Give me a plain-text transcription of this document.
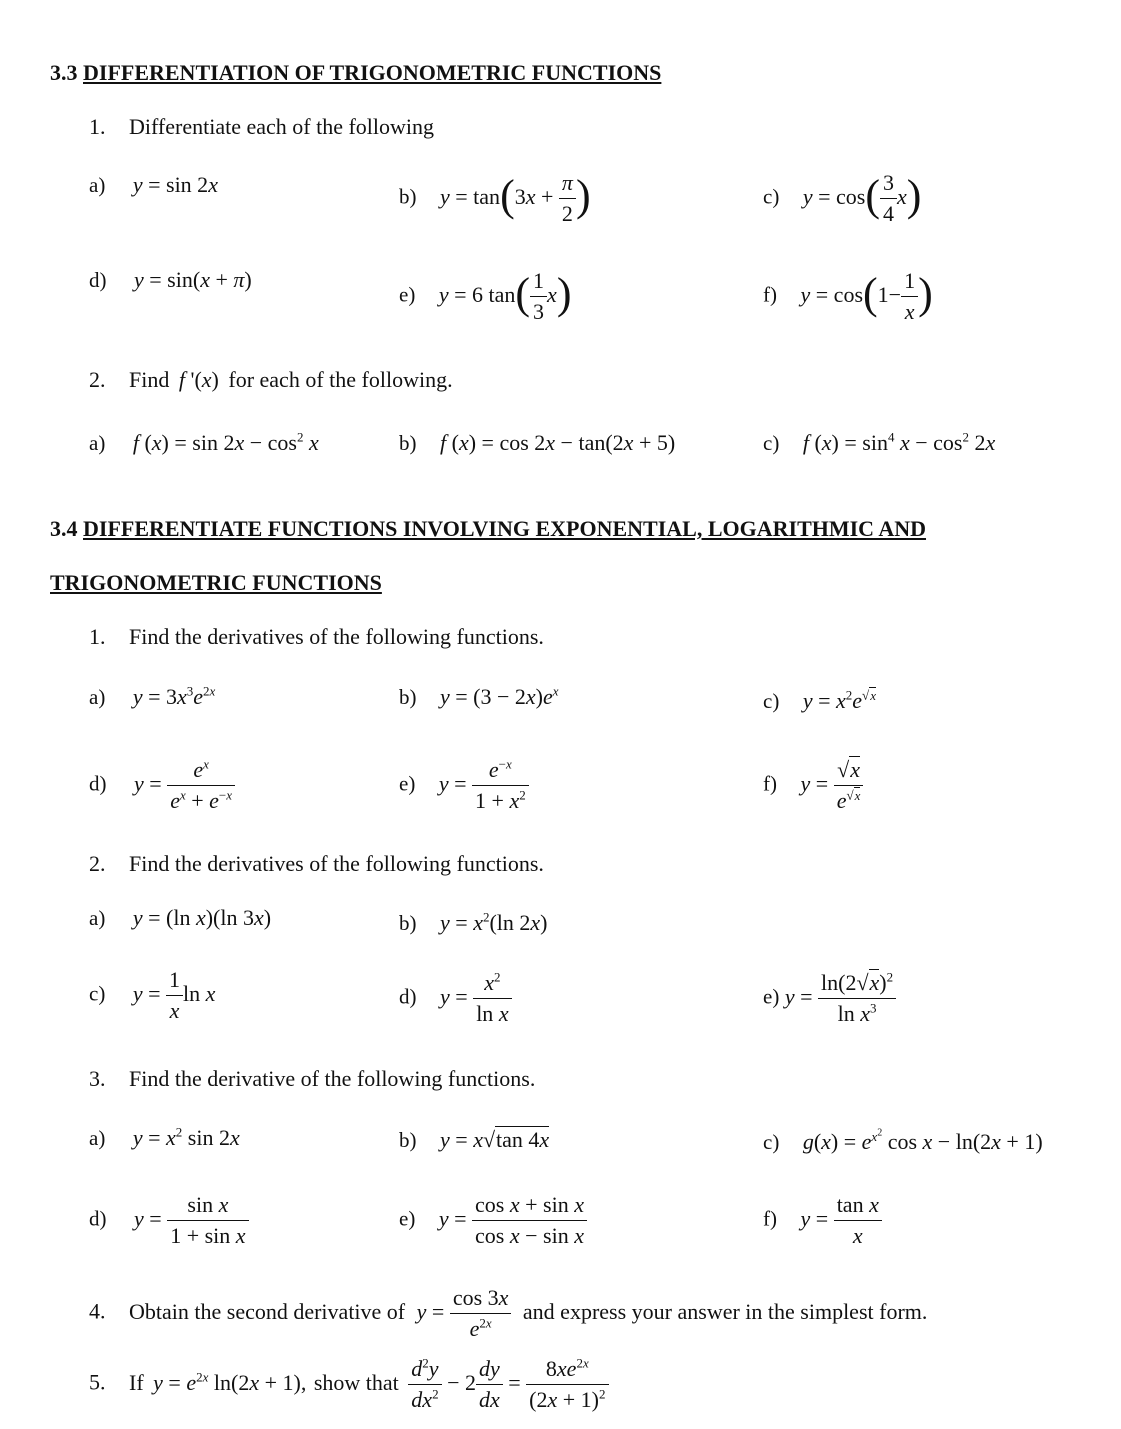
3.3 DIFFERENTIATION OF TRIGONOMETRIC FUNCTIONS
1. Differentiate each of the following
a) y = sin 2x	b) $y = \tan(3x + \frac{\pi}{2}$ )	c) $y = \cos( \frac{3}{4} x)$
d) y = sin(x + π)
e) y = 6 $\tan( \frac{1}{3} x)$	f) $y = \cos(1- \frac{1}{x}$ )
2. Find f '(x) for each of the following.
a) f $(x) = \sin 2x - \cos^2 x$	b) f (x) = cos 2x − tan(2x + 5)	c) f $(x) = \sin^4 x - \cos^2 2x$
3.4 DIFFERENTIATE FUNCTIONS INVOLVING EXPONENTIAL, LOGARITHMIC AND
TRIGONOMETRIC FUNCTIONS
1. Find the derivatives of the following functions.
a) $y = 3x^3e^{2x}$	b) $y = (3 - 2x)e^x$	c) $y = x^2e^{√x}$
d) $y = \frac{e^x}{e^x + e^{-x}}$	e) $y = \frac{e^{-x}}{1 + x^2}$	f) $y = \frac{√x}{e^{√x}}$
2. Find the derivatives of the following functions.
a) y = (ln x)(ln 3x)	b) $y = x^2(\ln$ 2x)
c) $y = \frac{1}{x}$ ln x	d) $y = \frac{x^2}{\text{ln x}}$	e) $y = \frac{\ln(2√x)^2}{\ln x^3}$
3. Find the derivative of the following functions.
a) $y = x^2$ sin 2x	b) y = x√tan 4x	c) $g(x) = e^{x^2}$ cos x − ln(2x + 1)
d) $y = \frac{\text{sin x}}{\text{1 + sin x}}$	e) $y = \frac{\text{cos x + sin x}}{\text{cos x − sin x}}$	f) $y = \frac{\text{tan x}}{x}$
4. Obtain the second derivative of $y = \frac{\cos 3x}{e^{2x}}$ and express your answer in the simplest form.
5. If $y = e^{2x}$ ln(2x + 1), show that $\frac{d^2y}{dx^2} - 2 \frac{dy}{dx} = \frac{8xe^{2x}}{(2x + 1)^2}$
